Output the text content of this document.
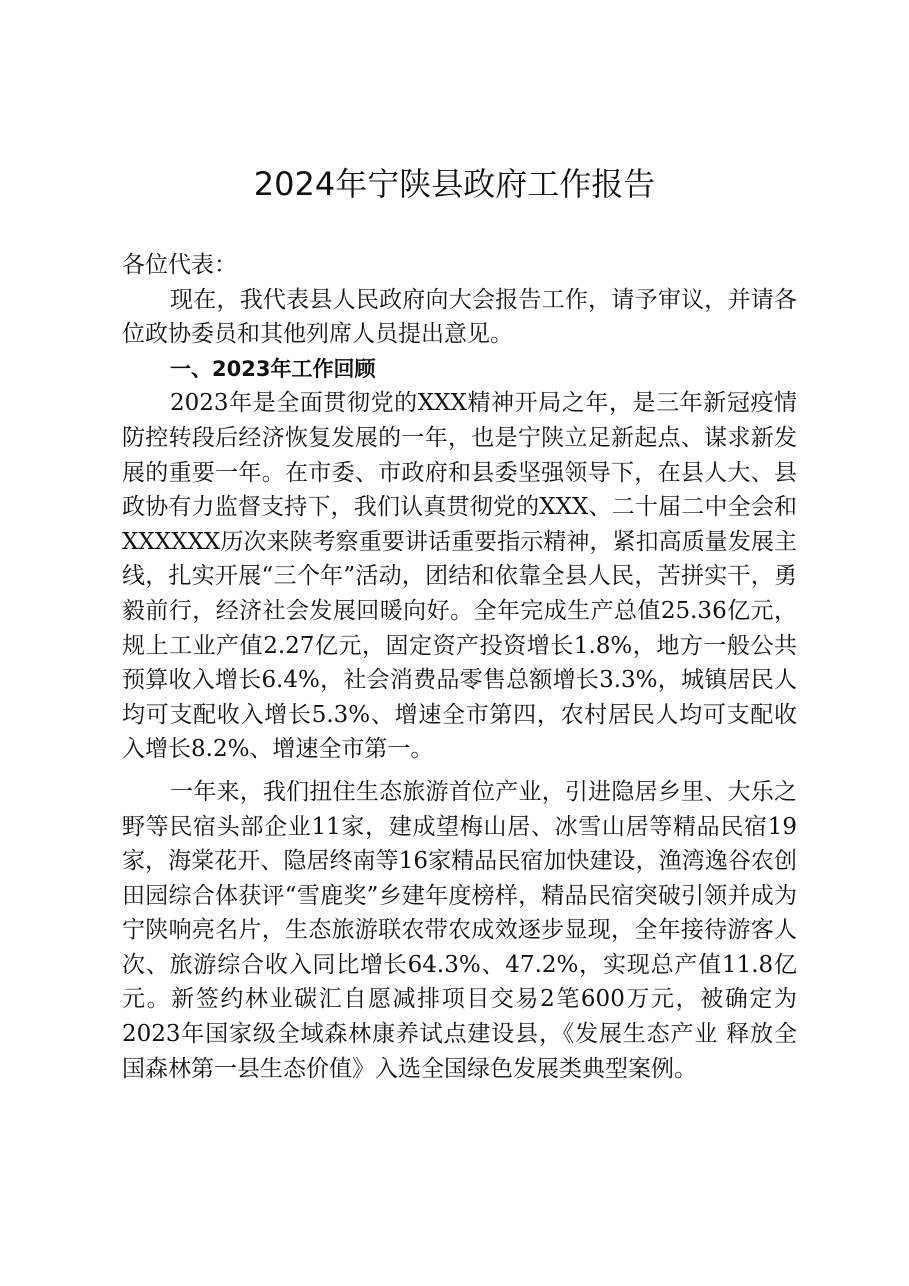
2024年宁陕县政府工作报告

各位代表：

现在，我代表县人民政府向大会报告工作，请予审议，并请各位政协委员和其他列席人员提出意见。

一、2023年工作回顾

2023年是全面贯彻党的XXX精神开局之年，是三年新冠疫情防控转段后经济恢复发展的一年，也是宁陕立足新起点、谋求新发展的重要一年。在市委、市政府和县委坚强领导下，在县人大、县政协有力监督支持下，我们认真贯彻党的XXX、二十届二中全会和XXXXXX历次来陕考察重要讲话重要指示精神，紧扣高质量发展主线，扎实开展“三个年”活动，团结和依靠全县人民，苦拼实干，勇毅前行，经济社会发展回暖向好。全年完成生产总值25.36亿元，规上工业产值2.27亿元，固定资产投资增长1.8%，地方一般公共预算收入增长6.4%，社会消费品零售总额增长3.3%，城镇居民人均可支配收入增长5.3%、增速全市第四，农村居民人均可支配收入增长8.2%、增速全市第一。

一年来，我们扭住生态旅游首位产业，引进隐居乡里、大乐之野等民宿头部企业11家，建成望梅山居、冰雪山居等精品民宿19家，海棠花开、隐居终南等16家精品民宿加快建设，渔湾逸谷农创田园综合体获评“雪鹿奖”乡建年度榜样，精品民宿突破引领并成为宁陕响亮名片，生态旅游联农带农成效逐步显现，全年接待游客人次、旅游综合收入同比增长64.3%、47.2%，实现总产值11.8亿元。新签约林业碳汇自愿减排项目交易2笔600万元，被确定为2023年国家级全域森林康养试点建设县，《发展生态产业 释放全国森林第一县生态价值》入选全国绿色发展类典型案例。
